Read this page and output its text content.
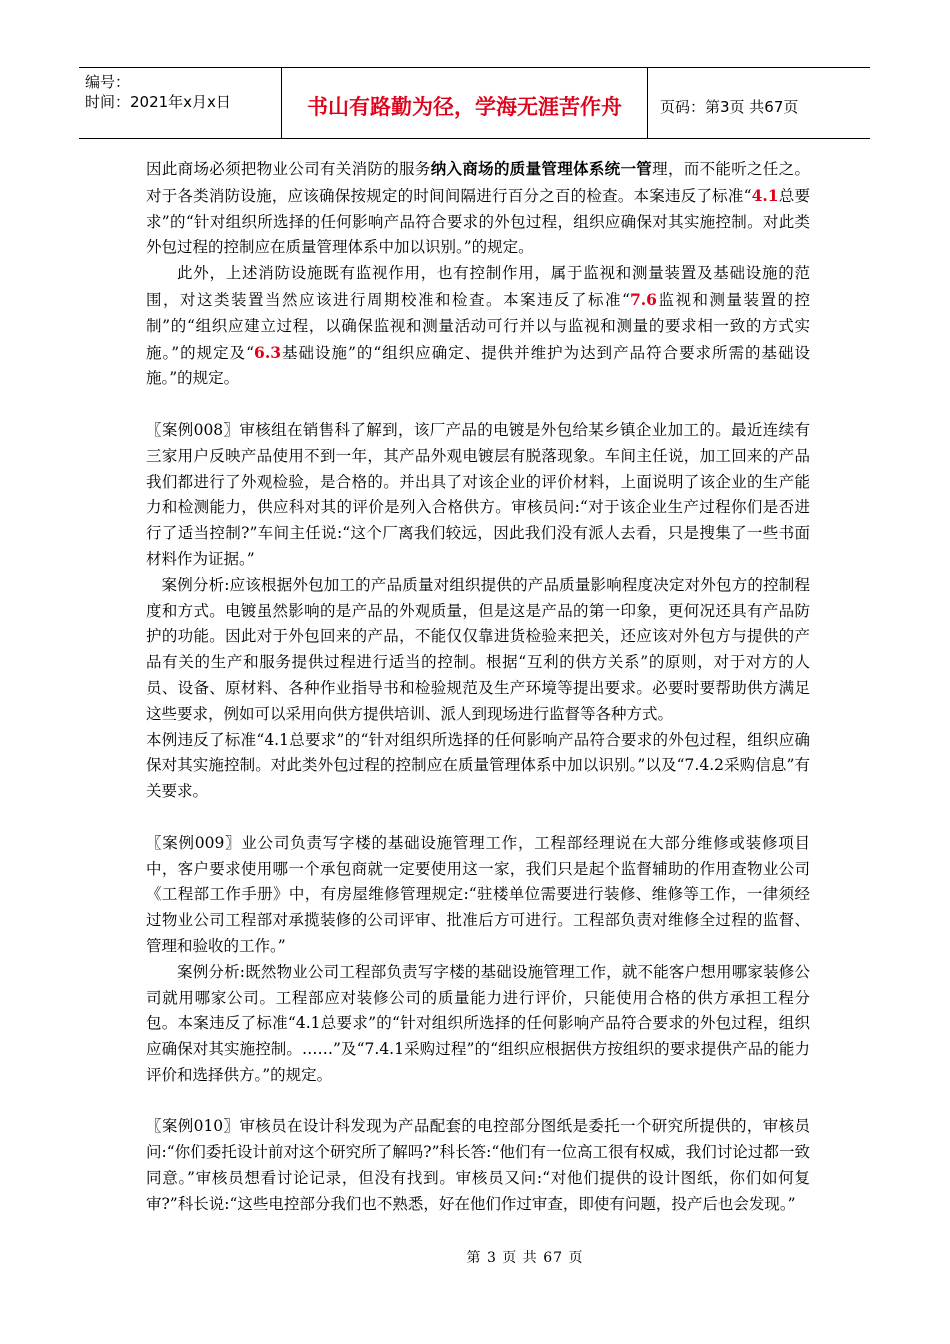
编号：
时间：2021年x月x日	书山有路勤为径，学海无涯苦作舟	页码：第3页 共67页

因此商场必须把物业公司有关消防的服务纳入商场的质量管理体系统一管理，而不能听之任之。对于各类消防设施，应该确保按规定的时间间隔进行百分之百的检查。本案违反了标准“4.1总要求”的“针对组织所选择的任何影响产品符合要求的外包过程，组织应确保对其实施控制。对此类外包过程的控制应在质量管理体系中加以识别。”的规定。

此外，上述消防设施既有监视作用，也有控制作用，属于监视和测量装置及基础设施的范围，对这类装置当然应该进行周期校准和检查。本案违反了标准“7.6监视和测量装置的控制”的“组织应建立过程，以确保监视和测量活动可行并以与监视和测量的要求相一致的方式实施。”的规定及“6.3基础设施”的“组织应确定、提供并维护为达到产品符合要求所需的基础设施。”的规定。

〖案例008〗审核组在销售科了解到，该厂产品的电镀是外包给某乡镇企业加工的。最近连续有三家用户反映产品使用不到一年，其产品外观电镀层有脱落现象。车间主任说，加工回来的产品我们都进行了外观检验，是合格的。并出具了对该企业的评价材料，上面说明了该企业的生产能力和检测能力，供应科对其的评价是列入合格供方。审核员问:“对于该企业生产过程你们是否进行了适当控制?”车间主任说:“这个厂离我们较远，因此我们没有派人去看，只是搜集了一些书面材料作为证据。”

案例分析:应该根据外包加工的产品质量对组织提供的产品质量影响程度决定对外包方的控制程度和方式。电镀虽然影响的是产品的外观质量，但是这是产品的第一印象，更何况还具有产品防护的功能。因此对于外包回来的产品，不能仅仅靠进货检验来把关，还应该对外包方与提供的产品有关的生产和服务提供过程进行适当的控制。根据“互利的供方关系”的原则，对于对方的人员、设备、原材料、各种作业指导书和检验规范及生产环境等提出要求。必要时要帮助供方满足这些要求，例如可以采用向供方提供培训、派人到现场进行监督等各种方式。

本例违反了标准“4.1总要求”的“针对组织所选择的任何影响产品符合要求的外包过程，组织应确保对其实施控制。对此类外包过程的控制应在质量管理体系中加以识别。”以及“7.4.2采购信息”有关要求。

〖案例009〗业公司负责写字楼的基础设施管理工作，工程部经理说在大部分维修或装修项目中，客户要求使用哪一个承包商就一定要使用这一家，我们只是起个监督辅助的作用查物业公司《工程部工作手册》中，有房屋维修管理规定:“驻楼单位需要进行装修、维修等工作，一律须经过物业公司工程部对承揽装修的公司评审、批准后方可进行。工程部负责对维修全过程的监督、管理和验收的工作。”

案例分析:既然物业公司工程部负责写字楼的基础设施管理工作，就不能客户想用哪家装修公司就用哪家公司。工程部应对装修公司的质量能力进行评价，只能使用合格的供方承担工程分包。本案违反了标准“4.1总要求”的“针对组织所选择的任何影响产品符合要求的外包过程，组织应确保对其实施控制。……”及“7.4.1采购过程”的“组织应根据供方按组织的要求提供产品的能力评价和选择供方。”的规定。

〖案例010〗审核员在设计科发现为产品配套的电控部分图纸是委托一个研究所提供的，审核员问:“你们委托设计前对这个研究所了解吗?”科长答:“他们有一位高工很有权威，我们讨论过都一致同意。”审核员想看讨论记录，但没有找到。审核员又问:“对他们提供的设计图纸，你们如何复审?”科长说:“这些电控部分我们也不熟悉，好在他们作过审查，即使有问题，投产后也会发现。”

第 3 页 共 67 页
